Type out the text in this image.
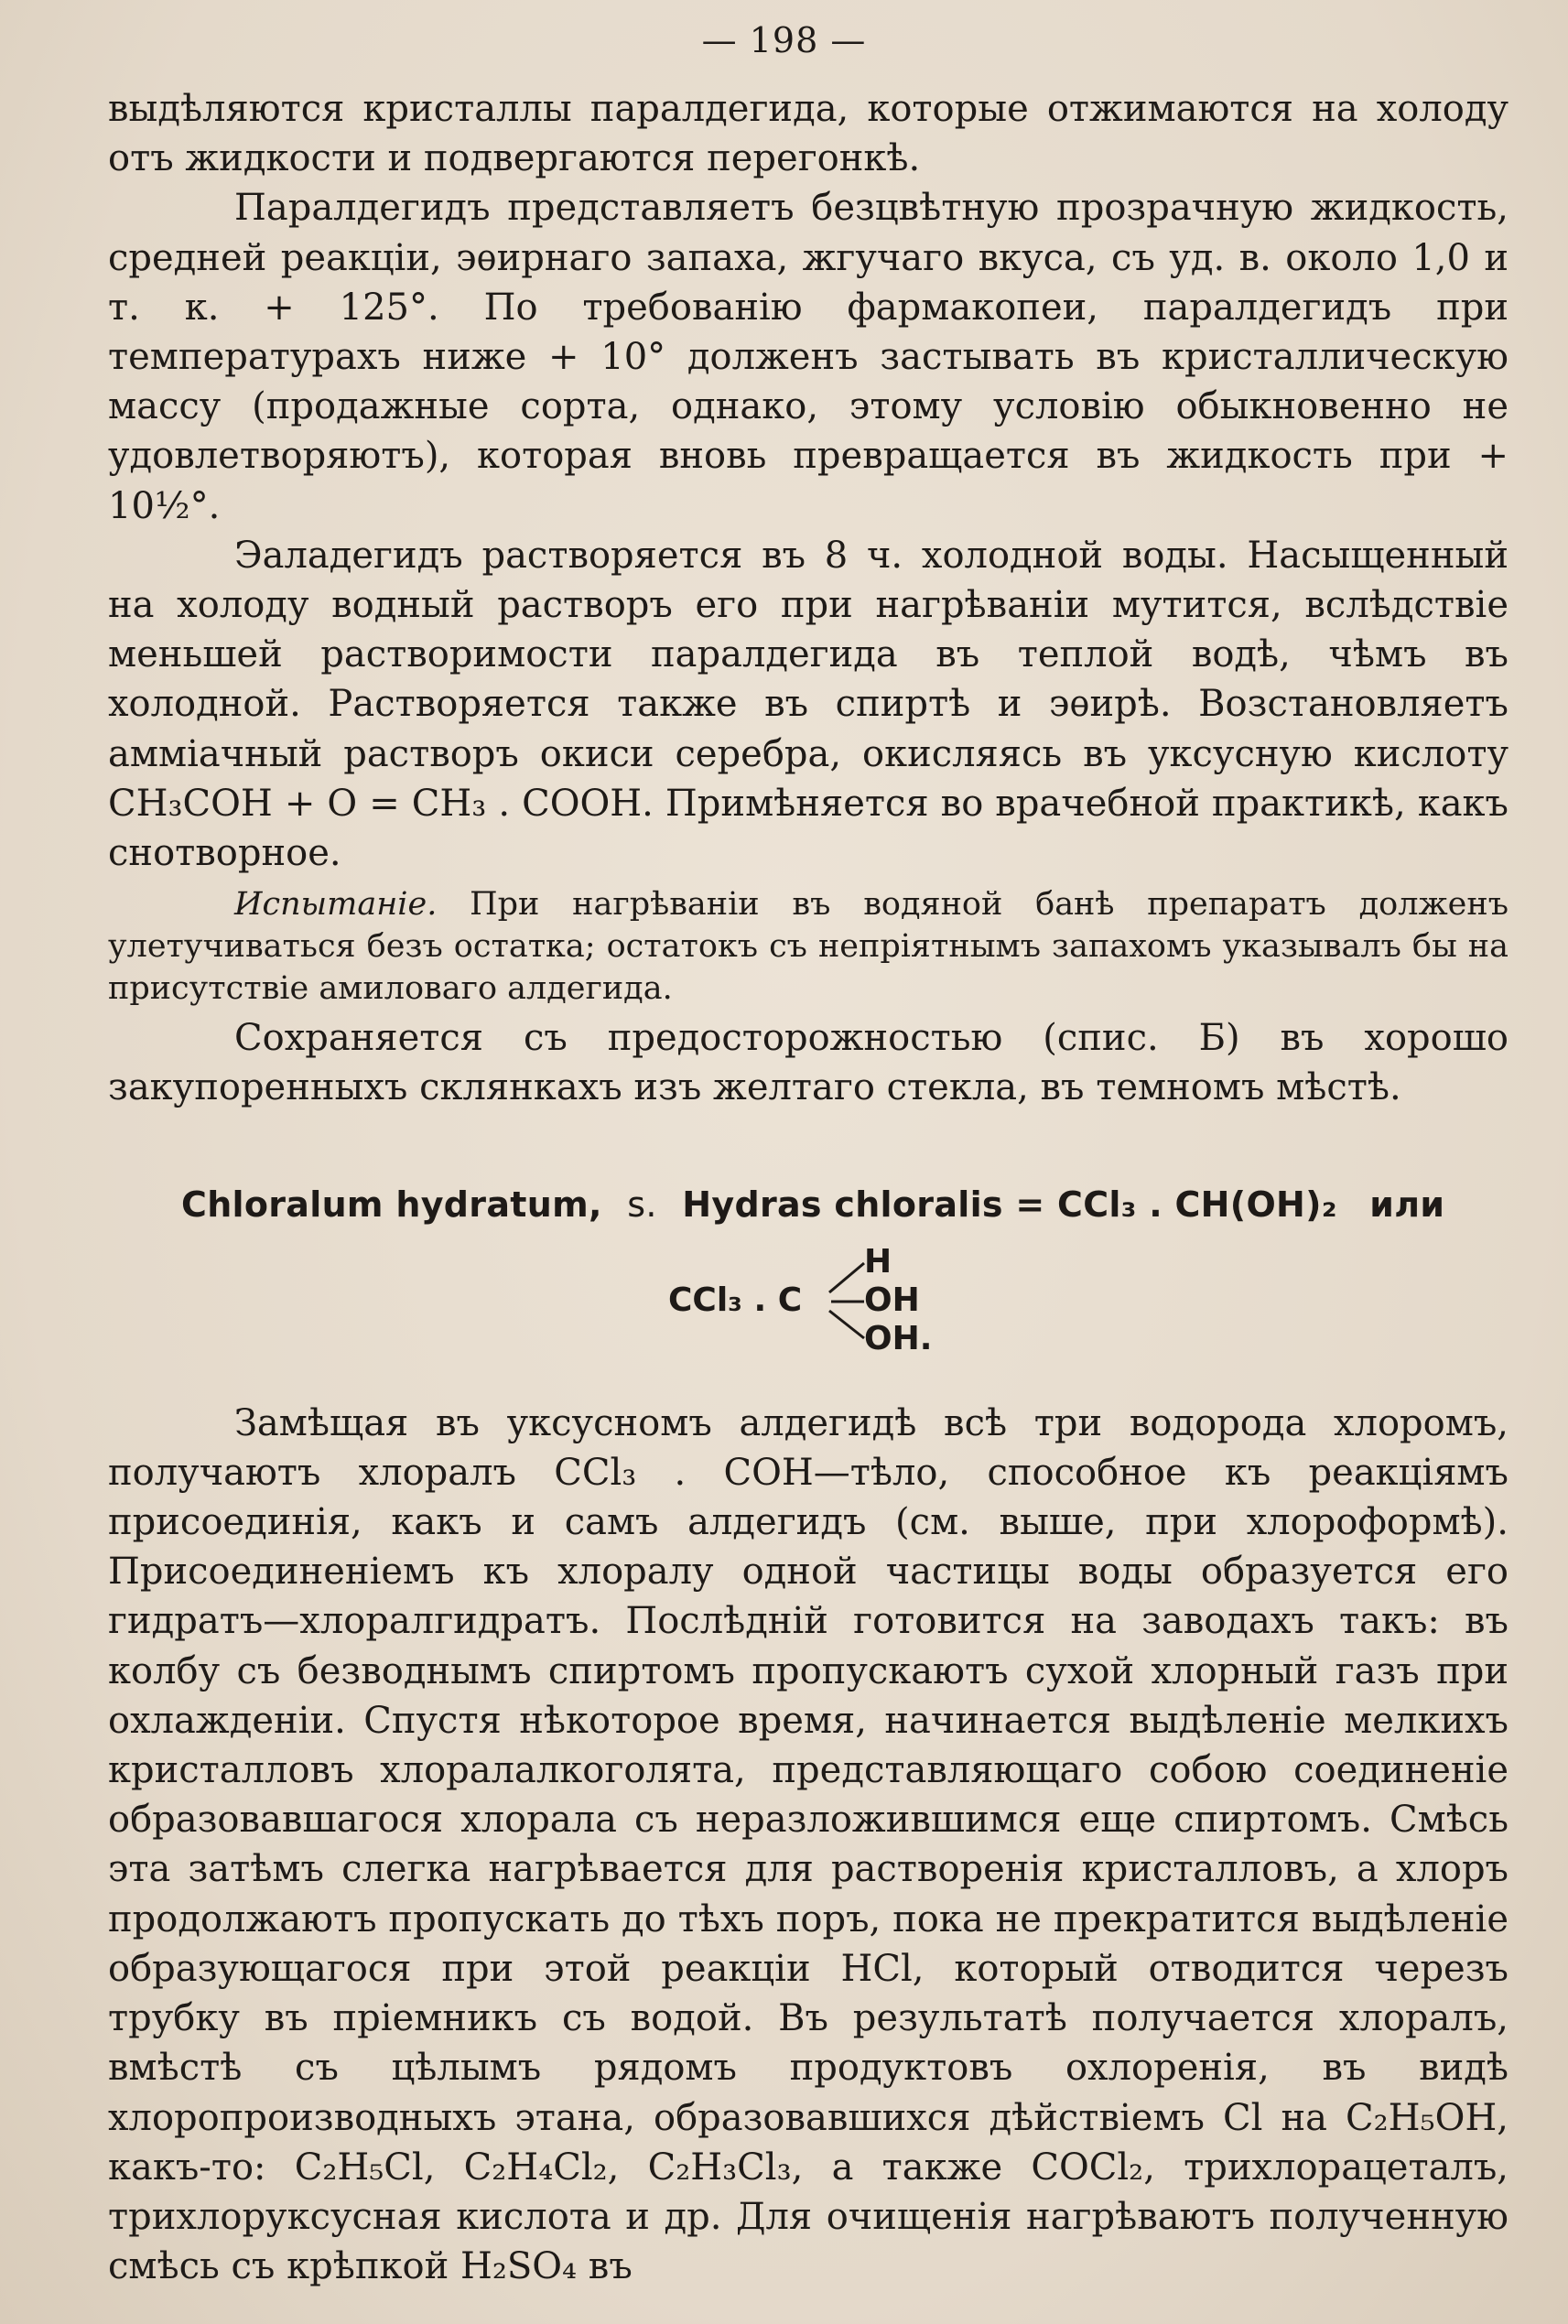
— 198 —

выдѣляются кристаллы паралдегида, которые отжимаются на холоду отъ жидкости и подвергаются перегонкѣ.

Паралдегидъ представляетъ безцвѣтную прозрачную жидкость, средней реакціи, эѳирнаго запаха, жгучаго вкуса, съ уд. в. около 1,0 и т. к. + 125°. По требованію фармакопеи, паралдегидъ при температурахъ ниже + 10° долженъ застывать въ кристаллическую массу (продажные сорта, однако, этому условію обыкновенно не удовлетворяютъ), которая вновь превращается въ жидкость при + 10½°.

Эаладегидъ растворяется въ 8 ч. холодной воды. Насыщенный на холоду водный растворъ его при нагрѣваніи мутится, вслѣдствіе меньшей растворимости паралдегида въ теплой водѣ, чѣмъ въ холодной. Растворяется также въ спиртѣ и эѳирѣ. Возстановляетъ амміачный растворъ окиси серебра, окисляясь въ уксусную кислоту CH₃COH + O = CH₃ . COOH. Примѣняется во врачебной практикѣ, какъ снотворное.

Испытаніе. При нагрѣваніи въ водяной банѣ препаратъ долженъ улетучиваться безъ остатка; остатокъ съ непріятнымъ запахомъ указывалъ бы на присутствіе амиловаго алдегида.

Сохраняется съ предосторожностью (спис. Б) въ хорошо закупоренныхъ склянкахъ изъ желтаго стекла, въ темномъ мѣстѣ.

Chloralum hydratum, s. Hydras chloralis = CCl₃ . CH(OH)₂ или
CCl₃ . C
H
OH
OH.

Замѣщая въ уксусномъ алдегидѣ всѣ три водорода хлоромъ, получаютъ хлоралъ CCl₃ . COH—тѣло, способное къ реакціямъ присоединія, какъ и самъ алдегидъ (см. выше, при хлороформѣ). Присоединеніемъ къ хлоралу одной частицы воды образуется его гидратъ—хлоралгидратъ. Послѣдній готовится на заводахъ такъ: въ колбу съ безводнымъ спиртомъ пропускаютъ сухой хлорный газъ при охлажденіи. Спустя нѣкоторое время, начинается выдѣленіе мелкихъ кристалловъ хлоралалкоголята, представляющаго собою соединеніе образовавшагося хлорала съ неразложившимся еще спиртомъ. Смѣсь эта затѣмъ слегка нагрѣвается для растворенія кристалловъ, а хлоръ продолжаютъ пропускать до тѣхъ поръ, пока не прекратится выдѣленіе образующагося при этой реакціи HCl, который отводится черезъ трубку въ пріемникъ съ водой. Въ результатѣ получается хлоралъ, вмѣстѣ съ цѣлымъ рядомъ продуктовъ охлоренія, въ видѣ хлоропроизводныхъ этана, образовавшихся дѣйствіемъ Cl на C₂H₅OH, какъ-то: C₂H₅Cl, C₂H₄Cl₂, C₂H₃Cl₃, а также COCl₂, трихлорацеталъ, трихлоруксусная кислота и др. Для очищенія нагрѣваютъ полученную смѣсь съ крѣпкой H₂SO₄ въ
